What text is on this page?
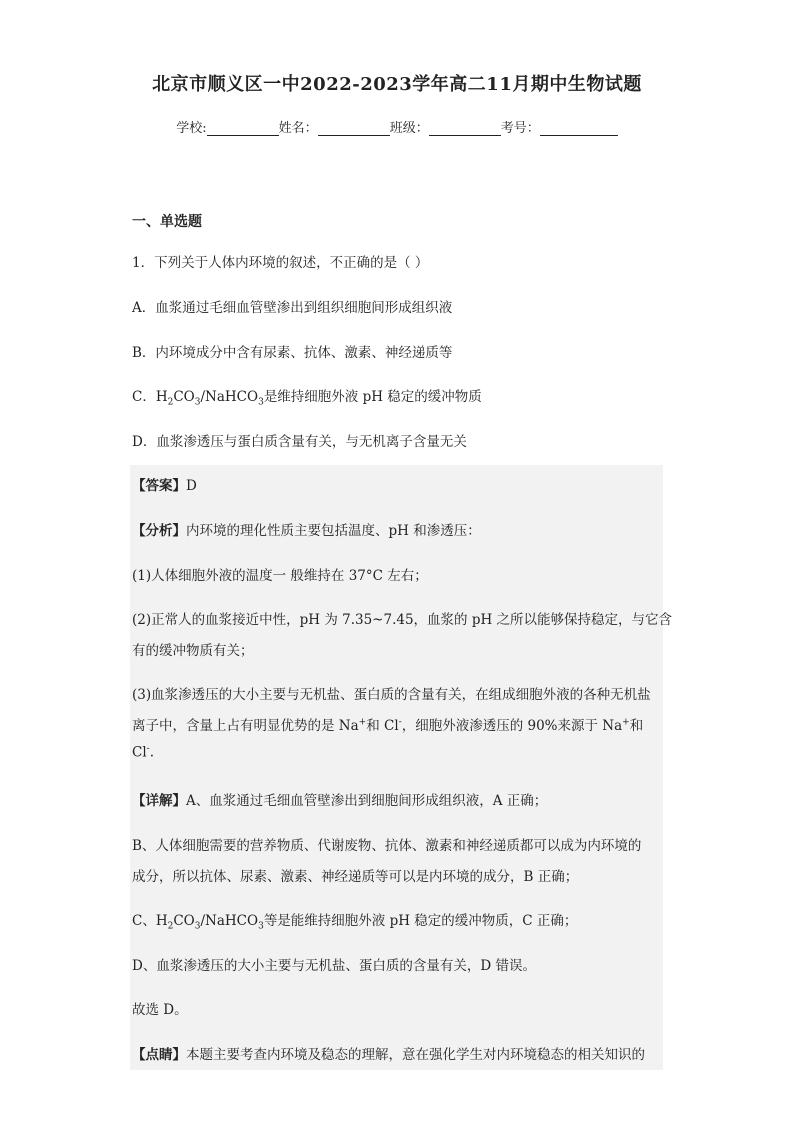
北京市顺义区一中2022-2023学年高二11月期中生物试题
学校:	姓名：	班级：	考号：
一、单选题
1．下列关于人体内环境的叙述，不正确的是（ ）
A．血浆通过毛细血管壁渗出到组织细胞间形成组织液
B．内环境成分中含有尿素、抗体、激素、神经递质等
C．$H_2CO_3/NaHCO_3$是维持细胞外液 pH 稳定的缓冲物质
D．血浆渗透压与蛋白质含量有关，与无机离子含量无关
【答案】D
【分析】内环境的理化性质主要包括温度、pH 和渗透压：
(1)人体细胞外液的温度一 般维持在 37°C 左右；
(2)正常人的血浆接近中性，pH 为 7.35~7.45，血浆的 pH 之所以能够保持稳定，与它含
有的缓冲物质有关；
(3)血浆渗透压的大小主要与无机盐、蛋白质的含量有关，在组成细胞外液的各种无机盐
离子中，含量上占有明显优势的是 Na+和 Cl-，细胞外液渗透压的 90%来源于 Na+和
Cl-.
【详解】A、血浆通过毛细血管壁渗出到细胞间形成组织液，A 正确；
B、人体细胞需要的营养物质、代谢废物、抗体、激素和神经递质都可以成为内环境的
成分，所以抗体、尿素、激素、神经递质等可以是内环境的成分，B 正确；
C、$H_2CO_3/NaHCO_3$等是能维持细胞外液 pH 稳定的缓冲物质，C 正确；
D、血浆渗透压的大小主要与无机盐、蛋白质的含量有关，D 错误。
故选 D。
【点睛】本题主要考查内环境及稳态的理解，意在强化学生对内环境稳态的相关知识的
